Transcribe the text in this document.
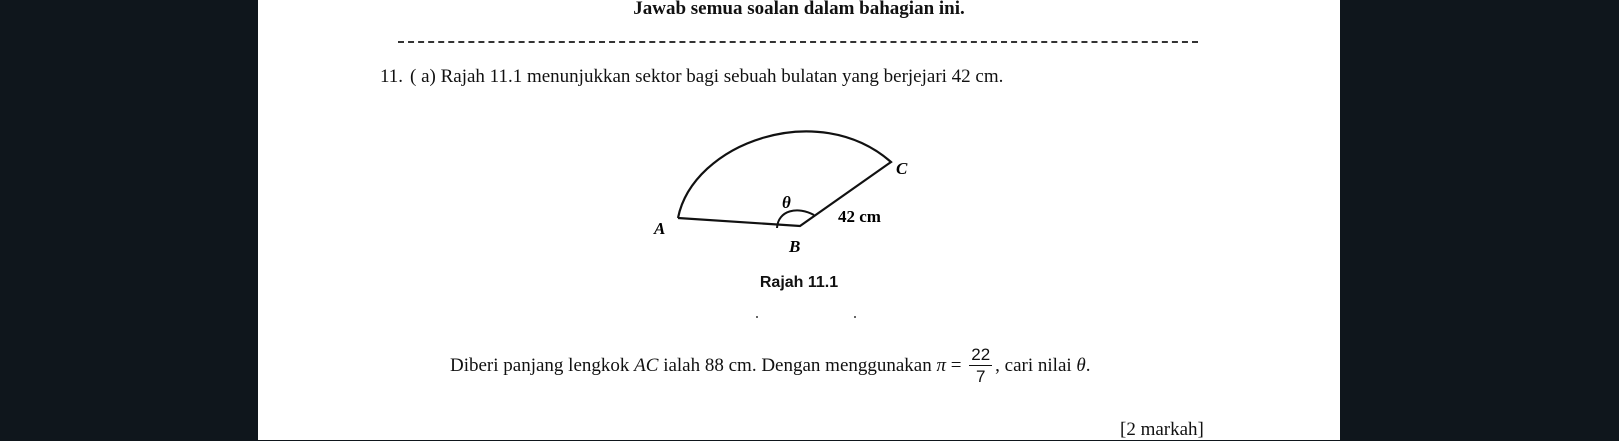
Jawab semua soalan dalam bahagian ini.
11. ( a) Rajah 11.1 menunjukkan sektor bagi sebuah bulatan yang berjejari 42 cm.
A
B
C
θ
42 cm
Rajah 11.1
Diberi panjang lengkok AC ialah 88 cm. Dengan menggunakan $\pi = \frac{22}{7}$ , cari nilai θ .
[2 markah]
